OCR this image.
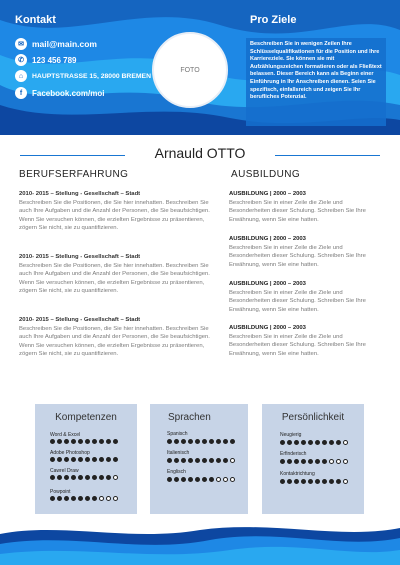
Kontakt
✉ mail@main.com
✆ 123 456 789
⌂ HAUPTSTRASSE 15, 28000 BREMEN
f Facebook.com/moi
Pro Ziele
Beschreiben Sie in wenigen Zeilen Ihre Schlüsselqualifikationen für die Position und Ihre Karriereziele. Sie können sie mit Aufzählungszeichen formatieren oder als Fließtext belassen. Dieser Bereich kann als Beginn einer Einführung in Ihr Anschreiben dienen. Seien Sie spezifisch, einfallsreich und zeigen Sie Ihr berufliches Potenzial.
FOTO
Arnauld OTTO
BERUFSERFAHRUNG
2010- 2015 – Stellung - Gesellschaft – Stadt
Beschreiben Sie die Positionen, die Sie hier innehatten. Beschreiben Sie auch Ihre Aufgaben und die Anzahl der Personen, die Sie beaufsichtigen. Wenn Sie versuchen können, die erzielten Ergebnisse zu präsentieren, zögern Sie nicht, sie zu quantifizieren.
2010- 2015 – Stellung - Gesellschaft – Stadt
Beschreiben Sie die Positionen, die Sie hier innehatten. Beschreiben Sie auch Ihre Aufgaben und die Anzahl der Personen, die Sie beaufsichtigen. Wenn Sie versuchen können, die erzielten Ergebnisse zu präsentieren, zögern Sie nicht, sie zu quantifizieren.
2010- 2015 – Stellung - Gesellschaft – Stadt
Beschreiben Sie die Positionen, die Sie hier innehatten. Beschreiben Sie auch Ihre Aufgaben und die Anzahl der Personen, die Sie beaufsichtigen. Wenn Sie versuchen können, die erzielten Ergebnisse zu präsentieren, zögern Sie nicht, sie zu quantifizieren.
AUSBILDUNG
AUSBILDUNG | 2000 – 2003
Beschreiben Sie in einer Zeile die Ziele und Besonderheiten dieser Schulung. Schreiben Sie Ihre Erwähnung, wenn Sie eine hatten.
AUSBILDUNG | 2000 – 2003
Beschreiben Sie in einer Zeile die Ziele und Besonderheiten dieser Schulung. Schreiben Sie Ihre Erwähnung, wenn Sie eine hatten.
AUSBILDUNG | 2000 – 2003
Beschreiben Sie in einer Zeile die Ziele und Besonderheiten dieser Schulung. Schreiben Sie Ihre Erwähnung, wenn Sie eine hatten.
AUSBILDUNG | 2000 – 2003
Beschreiben Sie in einer Zeile die Ziele und Besonderheiten dieser Schulung. Schreiben Sie Ihre Erwähnung, wenn Sie eine hatten.
Kompetenzen
Word & Excel
Adobe Photoshop
Cawrel Draw
Powpoint
Sprachen
Spanisch
Italienisch
Englisch
Persönlichkeit
Neugierig
Erfinderisch
Kontaktrichtung
